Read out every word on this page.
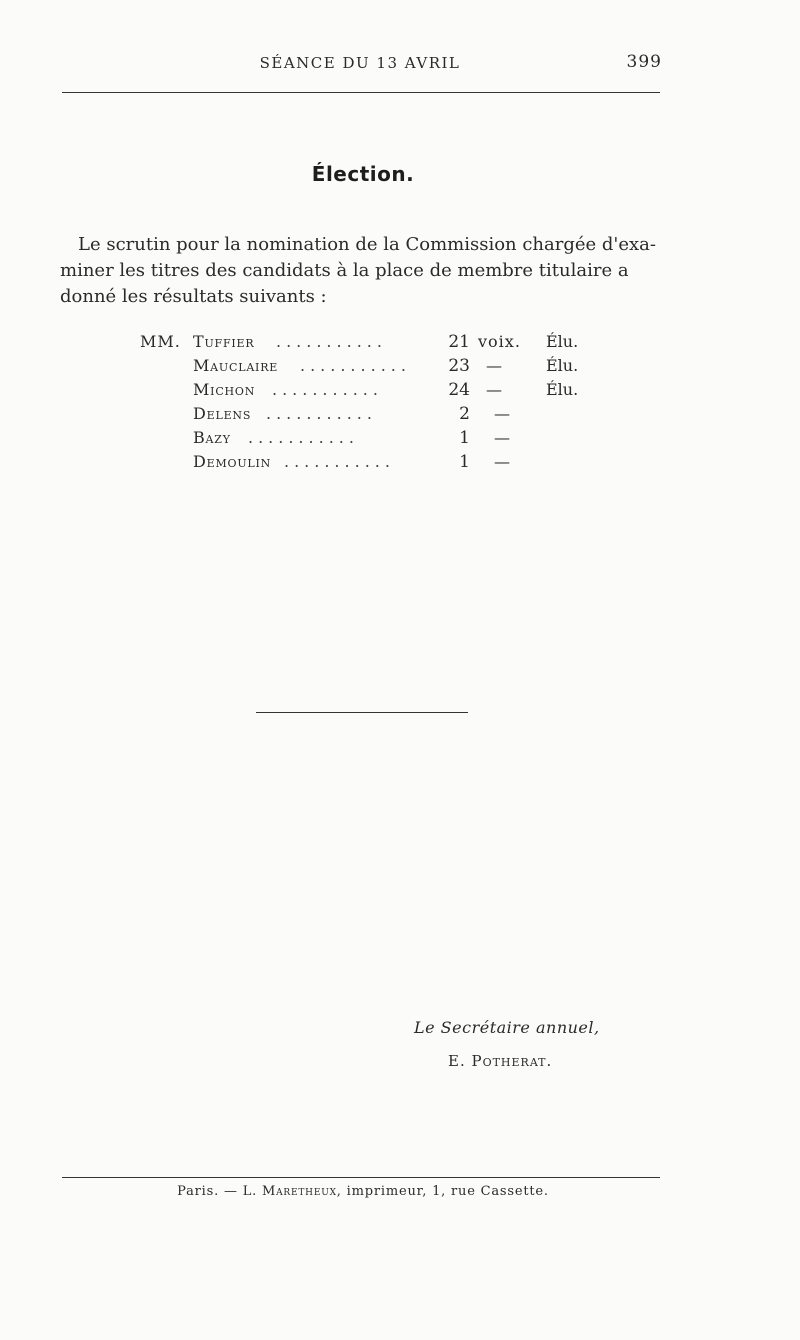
SÉANCE DU 13 AVRIL	399
Élection.
Le scrutin pour la nomination de la Commission chargée d'exa-
miner les titres des candidats à la place de membre titulaire a
donné les résultats suivants :
MM. Tuffier ...........	21 voix. Élu.
Mauclaire ...........	23 —	Élu.
Michon ...........	24 —	Élu.
Delens ...........	2 —
Bazy ...........	1 —
Demoulin ...........	1 —
Le Secrétaire annuel,
E. Potherat.
Paris. — L. Maretheux, imprimeur, 1, rue Cassette.
